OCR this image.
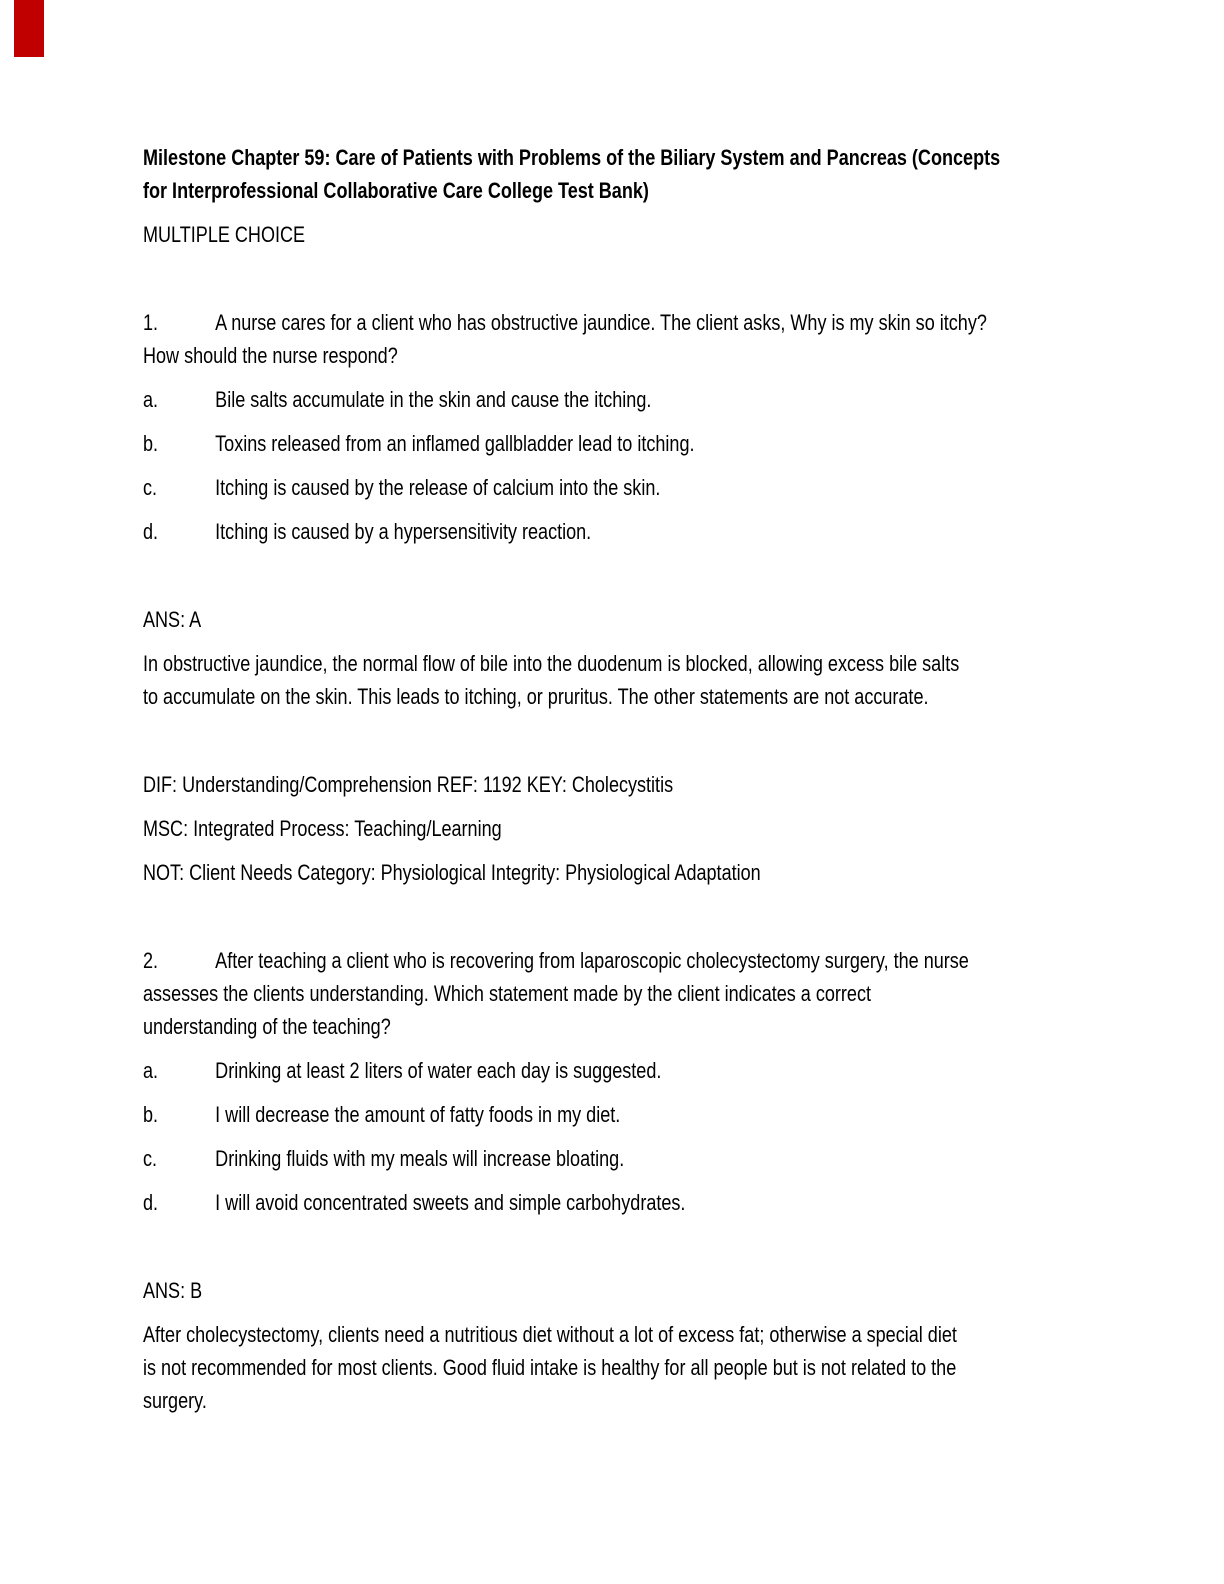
Milestone Chapter 59: Care of Patients with Problems of the Biliary System and Pancreas (Concepts
for Interprofessional Collaborative Care College Test Bank)
MULTIPLE CHOICE
1.	A nurse cares for a client who has obstructive jaundice. The client asks, Why is my skin so itchy?
How should the nurse respond?
a.	Bile salts accumulate in the skin and cause the itching.
b.	Toxins released from an inflamed gallbladder lead to itching.
c.	Itching is caused by the release of calcium into the skin.
d.	Itching is caused by a hypersensitivity reaction.
ANS: A
In obstructive jaundice, the normal flow of bile into the duodenum is blocked, allowing excess bile salts
to accumulate on the skin. This leads to itching, or pruritus. The other statements are not accurate.
DIF: Understanding/Comprehension REF: 1192 KEY: Cholecystitis
MSC: Integrated Process: Teaching/Learning
NOT: Client Needs Category: Physiological Integrity: Physiological Adaptation
2.	After teaching a client who is recovering from laparoscopic cholecystectomy surgery, the nurse
assesses the clients understanding. Which statement made by the client indicates a correct
understanding of the teaching?
a.	Drinking at least 2 liters of water each day is suggested.
b.	I will decrease the amount of fatty foods in my diet.
c.	Drinking fluids with my meals will increase bloating.
d.	I will avoid concentrated sweets and simple carbohydrates.
ANS: B
After cholecystectomy, clients need a nutritious diet without a lot of excess fat; otherwise a special diet
is not recommended for most clients. Good fluid intake is healthy for all people but is not related to the
surgery.
